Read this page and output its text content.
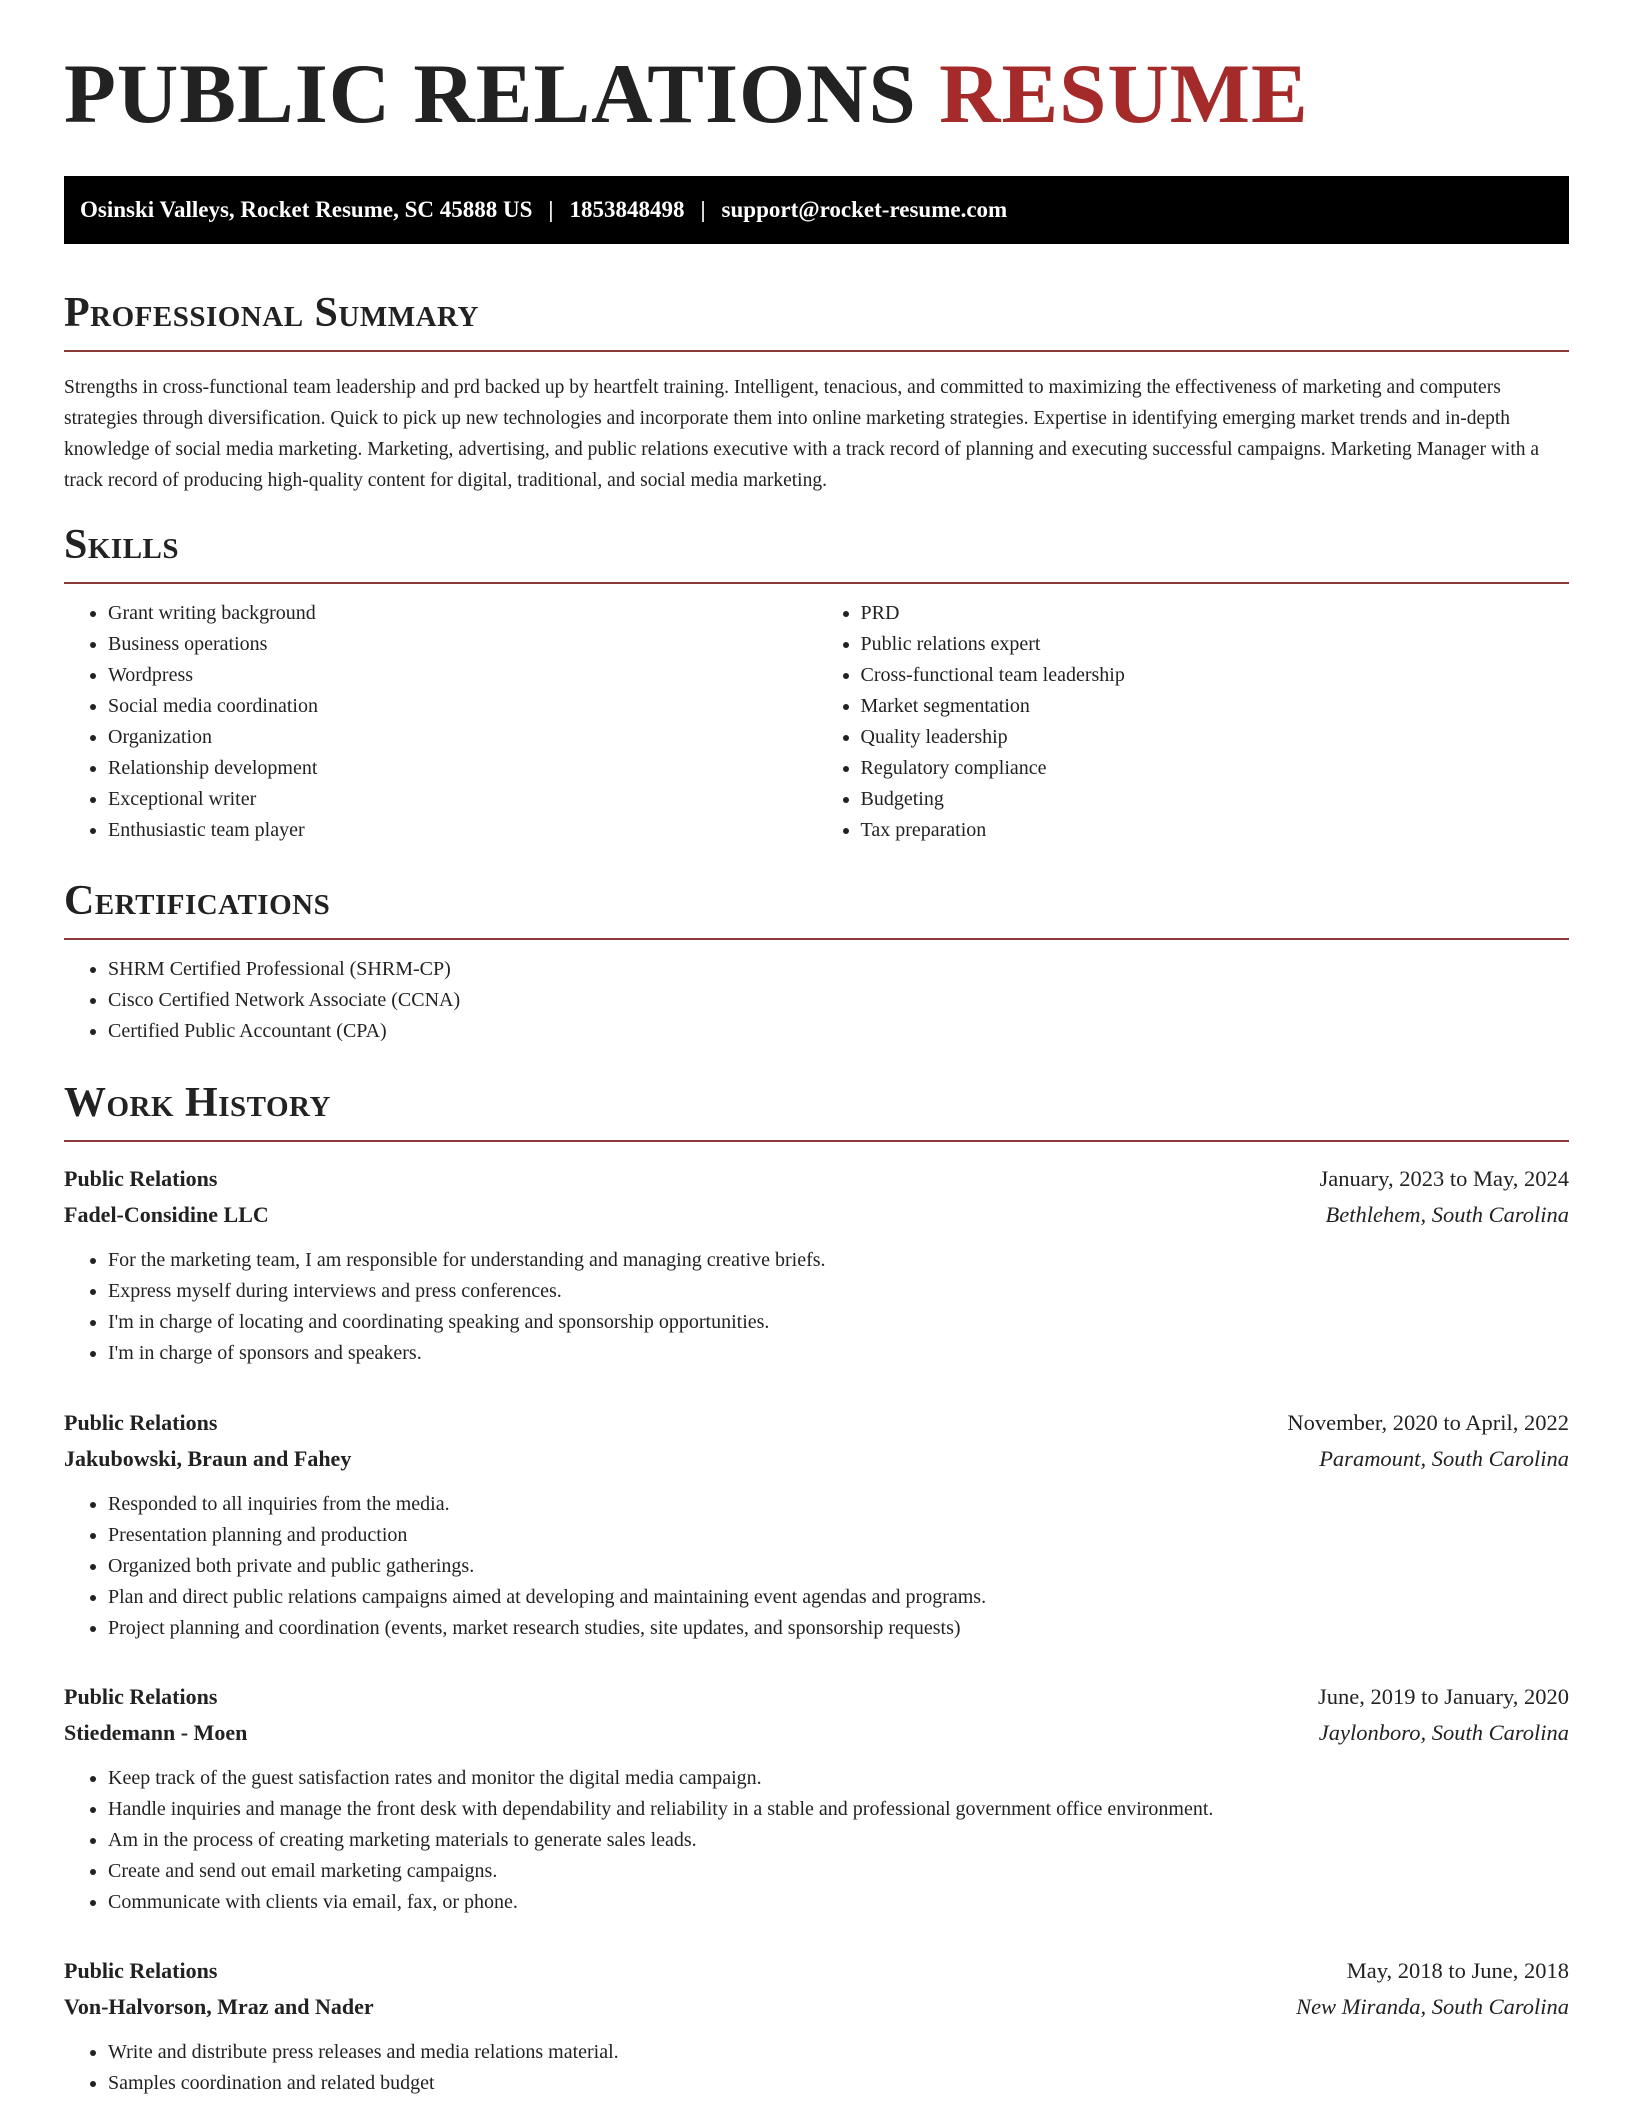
PUBLIC RELATIONS RESUME
Osinski Valleys, Rocket Resume, SC 45888 US | 1853848498 | support@rocket-resume.com
Professional Summary

Strengths in cross-functional team leadership and prd backed up by heartfelt training. Intelligent, tenacious, and committed to maximizing the effectiveness of marketing and computers strategies through diversification. Quick to pick up new technologies and incorporate them into online marketing strategies. Expertise in identifying emerging market trends and in-depth knowledge of social media marketing. Marketing, advertising, and public relations executive with a track record of planning and executing successful campaigns. Marketing Manager with a track record of producing high-quality content for digital, traditional, and social media marketing.

Skills
• Grant writing background
• Business operations
• Wordpress
• Social media coordination
• Organization
• Relationship development
• Exceptional writer
• Enthusiastic team player
• PRD
• Public relations expert
• Cross-functional team leadership
• Market segmentation
• Quality leadership
• Regulatory compliance
• Budgeting
• Tax preparation
Certifications
• SHRM Certified Professional (SHRM-CP)
• Cisco Certified Network Associate (CCNA)
• Certified Public Accountant (CPA)
Work History
Public Relations	January, 2023 to May, 2024
Fadel-Considine LLC	Bethlehem, South Carolina
• For the marketing team, I am responsible for understanding and managing creative briefs.
• Express myself during interviews and press conferences.
• I'm in charge of locating and coordinating speaking and sponsorship opportunities.
• I'm in charge of sponsors and speakers.
Public Relations	November, 2020 to April, 2022
Jakubowski, Braun and Fahey	Paramount, South Carolina
• Responded to all inquiries from the media.
• Presentation planning and production
• Organized both private and public gatherings.
• Plan and direct public relations campaigns aimed at developing and maintaining event agendas and programs.
• Project planning and coordination (events, market research studies, site updates, and sponsorship requests)
Public Relations	June, 2019 to January, 2020
Stiedemann - Moen	Jaylonboro, South Carolina
• Keep track of the guest satisfaction rates and monitor the digital media campaign.
• Handle inquiries and manage the front desk with dependability and reliability in a stable and professional government office environment.
• Am in the process of creating marketing materials to generate sales leads.
• Create and send out email marketing campaigns.
• Communicate with clients via email, fax, or phone.
Public Relations	May, 2018 to June, 2018
Von-Halvorson, Mraz and Nader	New Miranda, South Carolina
• Write and distribute press releases and media relations material.
• Samples coordination and related budget
